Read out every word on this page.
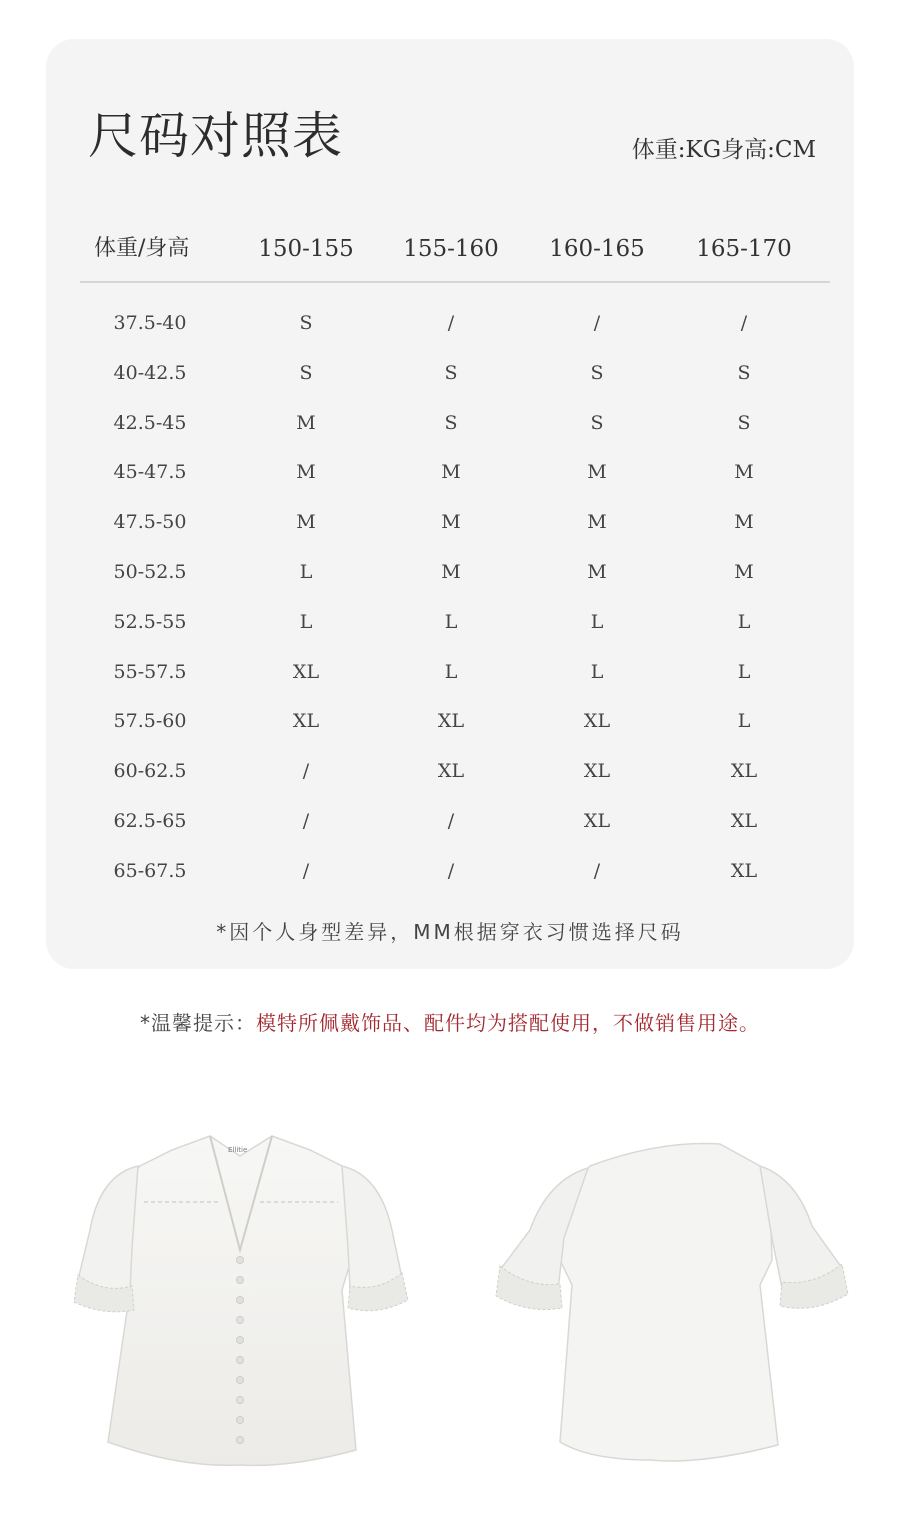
尺码对照表	体重:KG身高:CM
体重/身高	150-155	155-160	160-165	165-170
37.5-40	S	/	/	/
40-42.5	S	S	S	S
42.5-45	M	S	S	S
45-47.5	M	M	M	M
47.5-50	M	M	M	M
50-52.5	L	M	M	M
52.5-55	L	L	L	L
55-57.5	XL	L	L	L
57.5-60	XL	XL	XL	L
60-62.5	/	XL	XL	XL
62.5-65	/	/	XL	XL
65-67.5	/	/	/	XL
*因个人身型差异，MM根据穿衣习惯选择尺码
*温馨提示：模特所佩戴饰品、配件均为搭配使用，不做销售用途。
Ellitie
